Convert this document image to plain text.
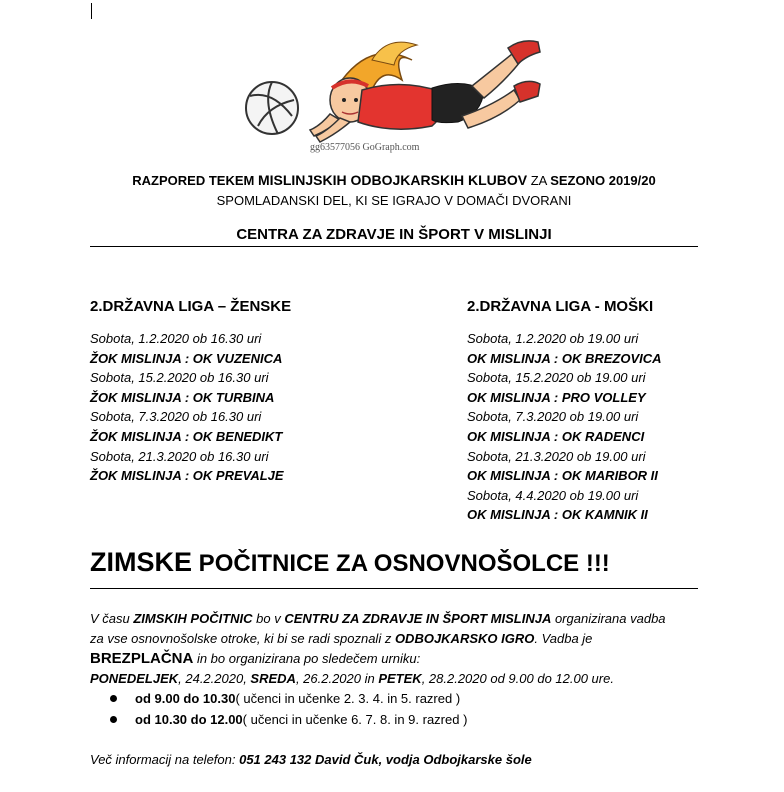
gg63577056 GoGraph.com
RAZPORED TEKEM MISLINJSKIH ODBOJKARSKIH KLUBOV ZA SEZONO 2019/20
SPOMLADANSKI DEL, KI SE IGRAJO V DOMAČI DVORANI
CENTRA ZA ZDRAVJE IN ŠPORT V MISLINJI
2.DRŽAVNA LIGA – ŽENSKE
Sobota, 1.2.2020 ob 16.30 uri
ŽOK MISLINJA : OK VUZENICA
Sobota, 15.2.2020 ob 16.30 uri
ŽOK MISLINJA : OK TURBINA
Sobota, 7.3.2020 ob 16.30 uri
ŽOK MISLINJA : OK BENEDIKT
Sobota, 21.3.2020 ob 16.30 uri
ŽOK MISLINJA : OK PREVALJE
2.DRŽAVNA LIGA - MOŠKI
Sobota, 1.2.2020 ob 19.00 uri
OK MISLINJA : OK BREZOVICA
Sobota, 15.2.2020 ob 19.00 uri
OK MISLINJA : PRO VOLLEY
Sobota, 7.3.2020 ob 19.00 uri
OK MISLINJA : OK RADENCI
Sobota, 21.3.2020 ob 19.00 uri
OK MISLINJA : OK MARIBOR II
Sobota, 4.4.2020 ob 19.00 uri
OK MISLINJA : OK KAMNIK II
ZIMSKE POČITNICE ZA OSNOVNOŠOLCE !!!
V času ZIMSKIH POČITNIC bo v CENTRU ZA ZDRAVJE IN ŠPORT MISLINJA organizirana vadba
za vse osnovnošolske otroke, ki bi se radi spoznali z ODBOJKARSKO IGRO. Vadba je
BREZPLAČNA in bo organizirana po sledečem urniku:
PONEDELJEK, 24.2.2020, SREDA, 26.2.2020 in PETEK, 28.2.2020 od 9.00 do 12.00 ure.
od 9.00 do 10.30 ( učenci in učenke 2. 3. 4. in 5. razred )
od 10.30 do 12.00 ( učenci in učenke 6. 7. 8. in 9. razred )
Več informacij na telefon: 051 243 132 David Čuk, vodja Odbojkarske šole
